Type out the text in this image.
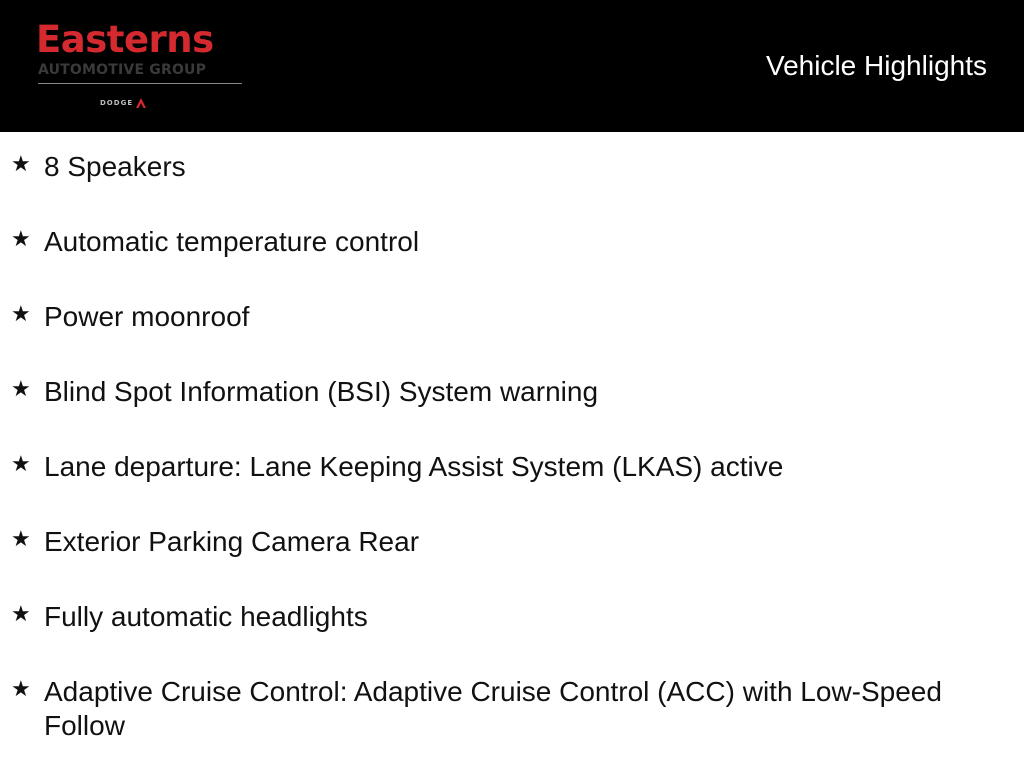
Easterns
AUTOMOTIVE GROUP
DODGE
Vehicle Highlights
★ 8 Speakers
★ Automatic temperature control
★ Power moonroof
★ Blind Spot Information (BSI) System warning
★ Lane departure: Lane Keeping Assist System (LKAS) active
★ Exterior Parking Camera Rear
★ Fully automatic headlights
★ Adaptive Cruise Control: Adaptive Cruise Control (ACC) with Low-Speed Follow
